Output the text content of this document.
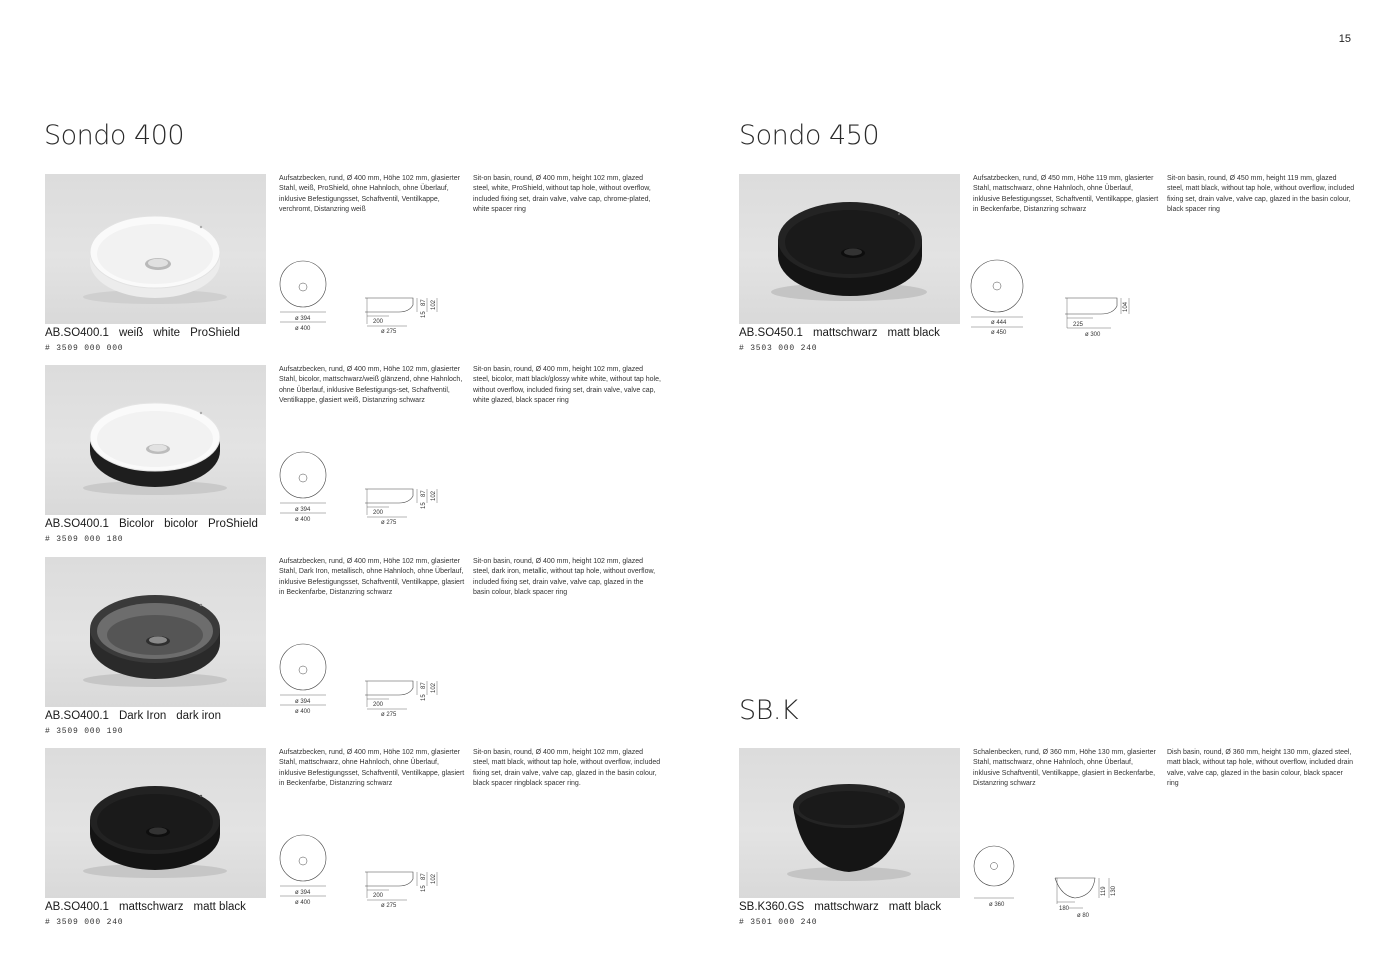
15
Sondo 400	Sondo 450
SB.K
Aufsatzbecken, rund, Ø 400 mm, Höhe 102 mm, glasierter Stahl, weiß, ProShield, ohne Hahnloch, ohne Überlauf, inklusive Befestigungsset, Schaftventil, Ventilkappe, verchromt, Distanzring weiß
Sit-on basin, round, Ø 400 mm, height 102 mm, glazed steel, white, ProShield, without tap hole, without overflow, included fixing set, drain valve, valve cap, chrome-plated, white spacer ring
ø 394
ø 400
200
ø 275
15
87 102
AB.SO400.1 weiß white ProShield
# 3509 000 000
Aufsatzbecken, rund, Ø 400 mm, Höhe 102 mm, glasierter Stahl, bicolor, mattschwarz/weiß glänzend, ohne Hahnloch, ohne Überlauf, inklusive Befestigungs-set, Schaftventil, Ventilkappe, glasiert weiß, Distanzring schwarz
Sit-on basin, round, Ø 400 mm, height 102 mm, glazed steel, bicolor, matt black/glossy white white, without tap hole, without overflow, included fixing set, drain valve, valve cap, white glazed, black spacer ring
ø 394
ø 400
200
ø 275
15
87 102
AB.SO400.1 Bicolor bicolor ProShield
# 3509 000 180
Aufsatzbecken, rund, Ø 400 mm, Höhe 102 mm, glasierter Stahl, Dark Iron, metallisch, ohne Hahnloch, ohne Überlauf, inklusive Befestigungsset, Schaftventil, Ventilkappe, glasiert in Beckenfarbe, Distanzring schwarz
Sit-on basin, round, Ø 400 mm, height 102 mm, glazed steel, dark iron, metallic, without tap hole, without overflow, included fixing set, drain valve, valve cap, glazed in the basin colour, black spacer ring
ø 394
ø 400
200
ø 275
15
87 102
AB.SO400.1 Dark Iron dark iron
# 3509 000 190
Aufsatzbecken, rund, Ø 400 mm, Höhe 102 mm, glasierter Stahl, mattschwarz, ohne Hahnloch, ohne Überlauf, inklusive Befestigungsset, Schaftventil, Ventilkappe, glasiert in Beckenfarbe, Distanzring schwarz
Sit-on basin, round, Ø 400 mm, height 102 mm, glazed steel, matt black, without tap hole, without overflow, included fixing set, drain valve, valve cap, glazed in the basin colour, black spacer ringblack spacer ring.
ø 394
ø 400
200
ø 275
15
87 102
AB.SO400.1 mattschwarz matt black
# 3509 000 240
Aufsatzbecken, rund, Ø 450 mm, Höhe 119 mm, glasierter Stahl, mattschwarz, ohne Hahnloch, ohne Überlauf, inklusive Befestigungsset, Schaftventil, Ventilkappe, glasiert in Beckenfarbe, Distanzring schwarz
Sit-on basin, round, Ø 450 mm, height 119 mm, glazed steel, matt black, without tap hole, without overflow, included fixing set, drain valve, valve cap, glazed in the basin colour, black spacer ring
ø 444
ø 450
225
ø 300
104
AB.SO450.1 mattschwarz matt black
# 3503 000 240
Schalenbecken, rund, Ø 360 mm, Höhe 130 mm, glasierter Stahl, mattschwarz, ohne Hahnloch, ohne Überlauf, inklusive Schaftventil, Ventilkappe, glasiert in Beckenfarbe, Distanzring schwarz
Dish basin, round, Ø 360 mm, height 130 mm, glazed steel, matt black, without tap hole, without overflow, included drain valve, valve cap, glazed in the basin colour, black spacer ring
ø 360
180
ø 80
119 130
SB.K360.GS mattschwarz matt black
# 3501 000 240
